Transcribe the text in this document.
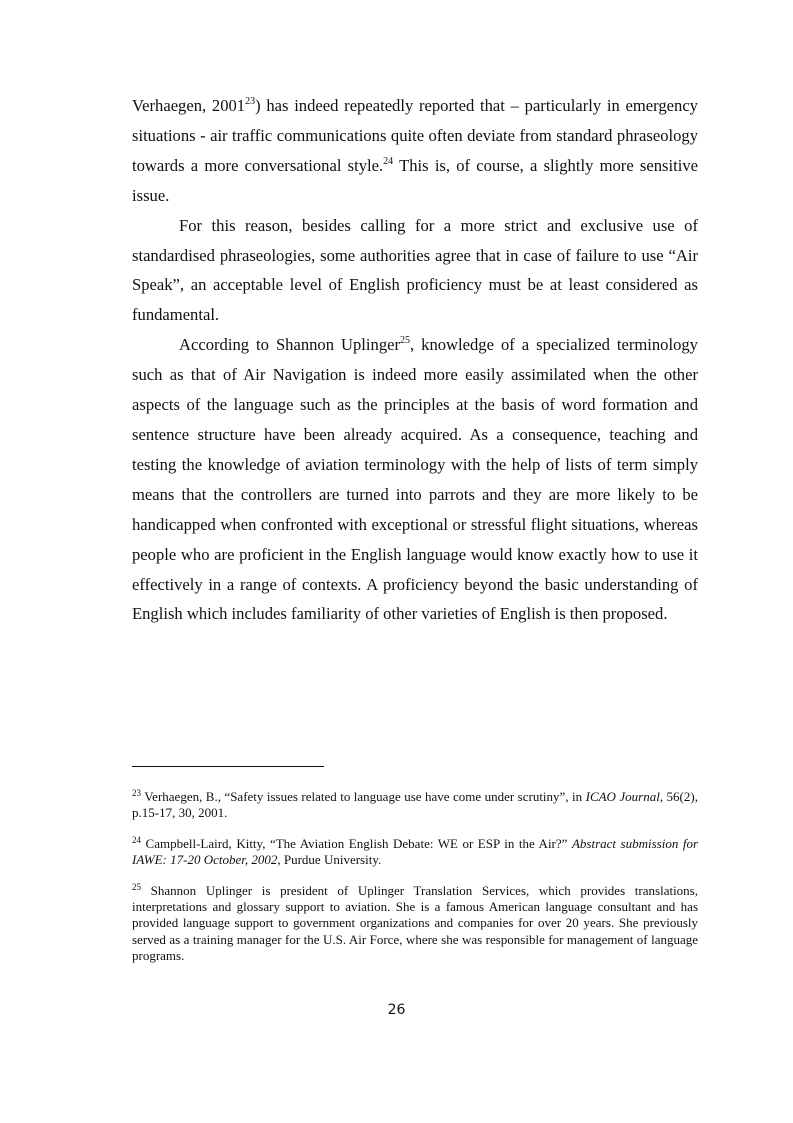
Verhaegen, 2001$^{23}$) has indeed repeatedly reported that – particularly in emergency situations - air traffic communications quite often deviate from standard phraseology towards a more conversational style.$^{24}$ This is, of course, a slightly more sensitive issue.

For this reason, besides calling for a more strict and exclusive use of standardised phraseologies, some authorities agree that in case of failure to use “Air Speak”, an acceptable level of English proficiency must be at least considered as fundamental.

According to Shannon Uplinger$^{25}$, knowledge of a specialized terminology such as that of Air Navigation is indeed more easily assimilated when the other aspects of the language such as the principles at the basis of word formation and sentence structure have been already acquired. As a consequence, teaching and testing the knowledge of aviation terminology with the help of lists of term simply means that the controllers are turned into parrots and they are more likely to be handicapped when confronted with exceptional or stressful flight situations, whereas people who are proficient in the English language would know exactly how to use it effectively in a range of contexts. A proficiency beyond the basic understanding of English which includes familiarity of other varieties of English is then proposed.

$^{23}$ Verhaegen, B., “Safety issues related to language use have come under scrutiny”, in ICAO Journal, 56(2), p.15-17, 30, 2001.

$^{24}$ Campbell-Laird, Kitty, “The Aviation English Debate: WE or ESP in the Air?” Abstract submission for IAWE: 17-20 October, 2002, Purdue University.

$^{25}$ Shannon Uplinger is president of Uplinger Translation Services, which provides translations, interpretations and glossary support to aviation. She is a famous American language consultant and has provided language support to government organizations and companies for over 20 years. She previously served as a training manager for the U.S. Air Force, where she was responsible for management of language programs.

26
